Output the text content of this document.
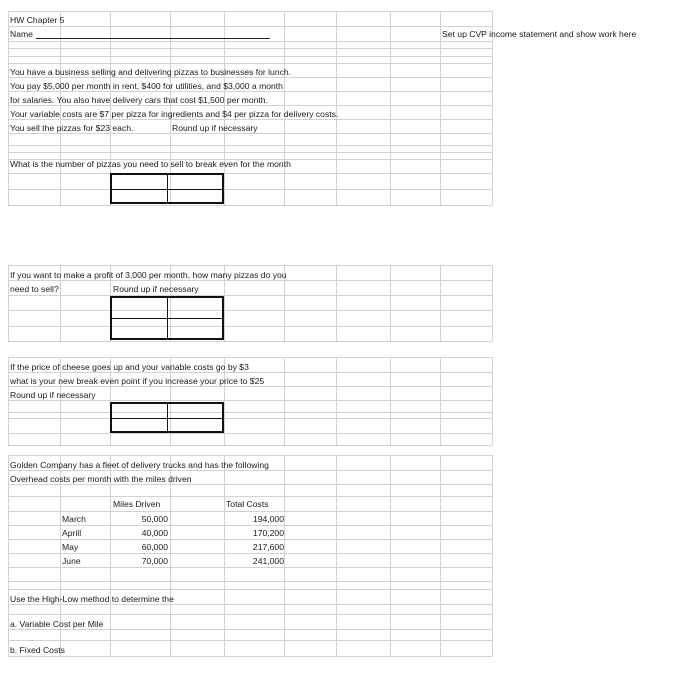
HW Chapter 5
Name	Set up CVP income statement and show work here
You have a business selling and delivering pizzas to businesses for lunch.
You pay $5,000 per month in rent, $400 for utilities, and $3,000 a month
for salaries. You also have delivery cars that cost $1,500 per month.
Your variable costs are $7 per pizza for ingredients and $4 per pizza for delivery costs.
You sell the pizzas for $23 each.	Round up if necessary
What is the number of pizzas you need to sell to break even for the month
If you want to make a profit of 3,000 per month, how many pizzas do you
need to sell?	Round up if necessary
If the price of cheese goes up and your variable costs go by $3
what is your new break even point if you increase your price to $25
Round up if necessary
Golden Company has a fleet of delivery trucks and has the following
Overhead costs per month with the miles driven
Miles Driven	Total Costs
March	50,000	194,000
Aprill	40,000	170,200
May	60,000	217,600
June	70,000	241,000
Use the High-Low method to determine the
a. Variable Cost per Mile
b. Fixed Costs
